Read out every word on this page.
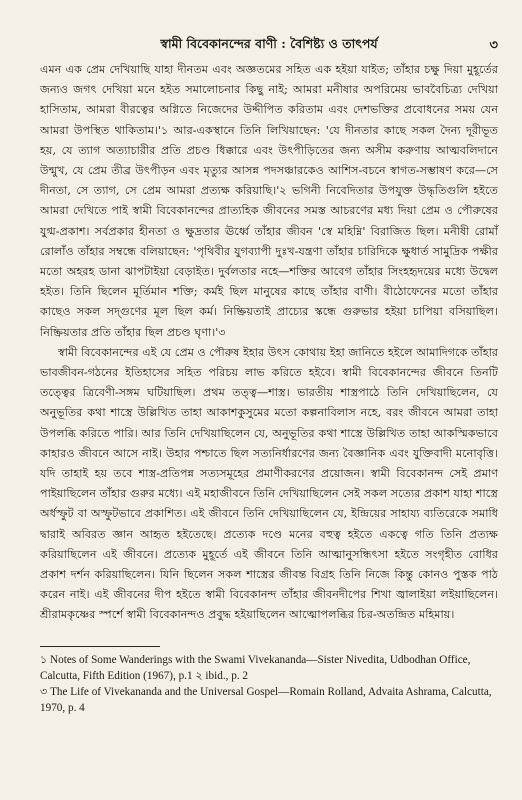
স্বামী বিবেকানন্দের বাণী : বৈশিষ্ট্য ও তাৎপর্য	৩

এমন এক প্রেম দেখিয়াছি যাহা দীনতম এবং অজ্ঞতমের সহিত এক হইয়া যাইত; তাঁহার চক্ষু দিয়া মুহূর্তের জন্যও জগৎ দেখিয়া মনে হইত সমালোচনার কিছু নাই; আমরা মনীষার অপরিমেয় ভাববৈচিত্র্য দেখিয়া হাসিতাম, আমরা বীরত্বের অগ্নিতে নিজেদের উদ্দীপিত করিতাম এবং দেশভক্তির প্রবোধনের সময় যেন আমরা উপস্থিত থাকিতাম।'১ আর-একস্থানে তিনি লিখিয়াছেন: 'যে দীনতার কাছে সকল দৈন্য দূরীভূত হয়, যে ত্যাগ অত্যাচারীর প্রতি প্রচণ্ড ধিক্কারে এবং উৎপীড়িতের জন্য অসীম করুণায় আত্মবলিদানে উন্মুখ, যে প্রেম তীব্র উৎপীড়ন এবং মৃত্যুর আসন্ন পদসঞ্চারকেও আশিস-বচনে স্বাগত-সম্ভাষণ করে—সে দীনতা, সে ত্যাগ, সে প্রেম আমরা প্রত্যক্ষ করিয়াছি।'২ ভগিনী নিবেদিতার উপযুক্ত উদ্ধৃতিগুলি হইতে আমরা দেখিতে পাই স্বামী বিবেকানন্দের প্রাত্যহিক জীবনের সমস্ত আচরণের মধ্য দিয়া প্রেম ও পৌরুষের যুগ্ম-প্রকাশ। সর্বপ্রকার হীনতা ও ক্ষুদ্রতার ঊর্ধ্বে তাঁহার জীবন 'স্বে মহিম্নি' বিরাজিত ছিল। মনীষী রোমাঁ রোলাঁও তাঁহার সম্বন্ধে বলিয়াছেন: 'পৃথিবীর যুগব্যাপী দুঃখ-যন্ত্রণা তাঁহার চারিদিকে ক্ষুধার্ত সামুদ্রিক পক্ষীর মতো অহরহ ডানা ঝাপটাইয়া বেড়াইত। দুর্বলতার নহে—শক্তির আবেগ তাঁহার সিংহহৃদয়ের মধ্যে উদ্বেল হইত। তিনি ছিলেন মূর্তিমান শক্তি; কর্মই ছিল মানুষের কাছে তাঁহার বাণী। বীঠোফেনের মতো তাঁহার কাছেও সকল সদ্গুণের মূল ছিল কর্ম। নিষ্ক্রিয়তাই প্রাচ্যের স্কন্ধে গুরুভার হইয়া চাপিয়া বসিয়াছিল। নিষ্ক্রিয়তার প্রতি তাঁহার ছিল প্রচণ্ড ঘৃণা।'৩

স্বামী বিবেকানন্দের এই যে প্রেম ও পৌরুষ ইহার উৎস কোথায় ইহা জানিতে হইলে আমাদিগকে তাঁহার ভাবজীবন-গঠনের ইতিহাসের সহিত পরিচয় লাভ করিতে হইবে। স্বামী বিবেকানন্দের জীবনে তিনটি তত্ত্বের ত্রিবেণী-সঙ্গম ঘটিয়াছিল। প্রথম তত্ত্ব—শাস্ত্র। ভারতীয় শাস্ত্রপাঠে তিনি দেখিয়াছিলেন, যে অনুভূতির কথা শাস্ত্রে উল্লিখিত তাহা আকাশকুসুমের মতো কল্পনাবিলাস নহে, বরং জীবনে আমরা তাহা উপলব্ধি করিতে পারি। আর তিনি দেখিয়াছিলেন যে, অনুভূতির কথা শাস্ত্রে উল্লিখিত তাহা আকস্মিকভাবে কাহারও জীবনে আসে নাই। উহার পশ্চাতে ছিল সত্যনির্ধারণের জন্য বৈজ্ঞানিক এবং যুক্তিবাদী মনোবৃত্তি। যদি তাহাই হয় তবে শাস্ত্র-প্রতিপন্ন সত্যসমূহের প্রমাণীকরণের প্রয়োজন। স্বামী বিবেকানন্দ সেই প্রমাণ পাইয়াছিলেন তাঁহার গুরুর মধ্যে। এই মহাজীবনে তিনি দেখিয়াছিলেন সেই সকল সত্যের প্রকাশ যাহা শাস্ত্রে অর্ধস্ফুট বা অস্ফুটভাবে প্রকাশিত। এই জীবনে তিনি দেখিয়াছিলেন যে, ইন্দ্রিয়ের সাহায্য ব্যতিরেকে সমাধি দ্বারাই অবিরত জ্ঞান আহৃত হইতেছে। প্রত্যেক দণ্ডে মনের বহুত্ব হইতে একত্বে গতি তিনি প্রত্যক্ষ করিয়াছিলেন এই জীবনে। প্রত্যেক মুহূর্তে এই জীবনে তিনি আত্মানুসন্ধিৎসা হইতে সংগৃহীত বোধির প্রকাশ দর্শন করিয়াছিলেন। যিনি ছিলেন সকল শাস্ত্রের জীবন্ত বিগ্রহ তিনি নিজে কিন্তু কোনও পুস্তক পাঠ করেন নাই। এই জীবনের দীপ হইতে স্বামী বিবেকানন্দ তাঁহার জীবনদীপের শিখা জ্বালাইয়া লইয়াছিলেন। শ্রীরামকৃষ্ণের স্পর্শে স্বামী বিবেকানন্দও প্রবুদ্ধ হইয়াছিলেন আত্মোপলব্ধির চির-অতন্দ্রিত মহিমায়।

১ Notes of Some Wanderings with the Swami Vivekananda—Sister Nivedita, Udbodhan Office, Calcutta, Fifth Edition (1967), p.1 ২ ibid., p. 2

৩ The Life of Vivekananda and the Universal Gospel—Romain Rolland, Advaita Ashrama, Calcutta, 1970, p. 4
